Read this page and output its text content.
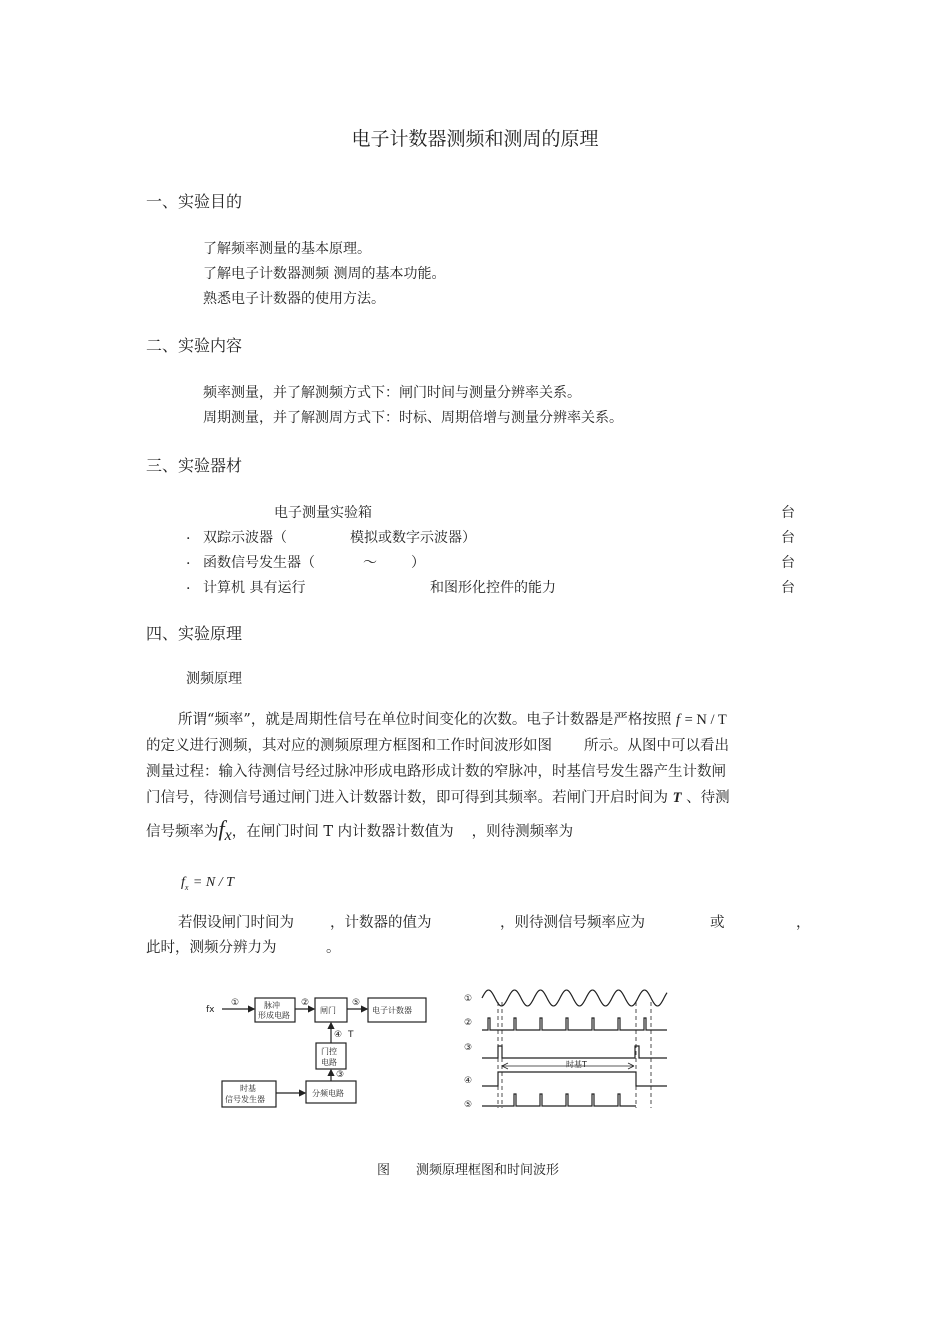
电子计数器测频和测周的原理
一、实验目的
了解频率测量的基本原理。
了解电子计数器测频 测周的基本功能。
熟悉电子计数器的使用方法。
二、实验内容
频率测量，并了解测频方式下：闸门时间与测量分辨率关系。
周期测量，并了解测周方式下：时标、周期倍增与测量分辨率关系。
三、实验器材
电子测量实验箱	台
. 双踪示波器（	模拟或数字示波器）	台
. 函数信号发生器（	～ ）	台
. 计算机 具有运行	和图形化控件的能力	台
四、实验原理
测频原理
所谓“频率”，就是周期性信号在单位时间变化的次数。电子计数器是严格按照 f = N / T
的定义进行测频，其对应的测频原理方框图和工作时间波形如图 所示。从图中可以看出
测量过程：输入待测信号经过脉冲形成电路形成计数的窄脉冲，时基信号发生器产生计数闸
门信号，待测信号通过闸门进入计数器计数，即可得到其频率。若闸门开启时间为 T 、待测
信号频率为$f_x$，在闸门时间 T 内计数器计数值为 ，则待测频率为
$f_x = N / T$
若假设闸门时间为	，计数器的值为	，则待测信号频率应为	或	，
此时，测频分辨力为	。
fx
①	②	⑤
④ T
③
脉冲
形成电路
闸门	电子计数器
门控
电路
分频电路
时基
信号发生器
①
②
③
④
⑤
时基T
图 测频原理框图和时间波形
